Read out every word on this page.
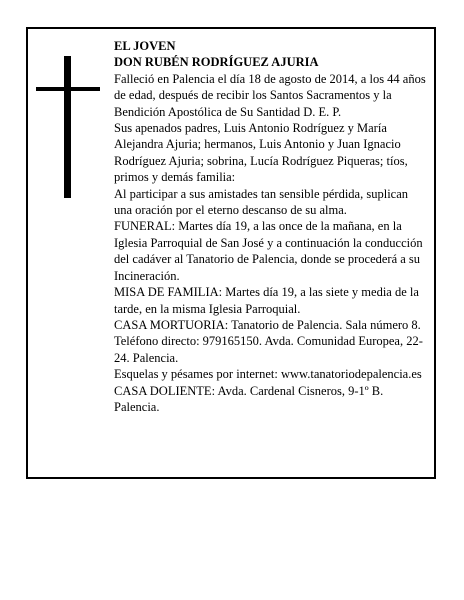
EL JOVEN

DON RUBÉN RODRÍGUEZ AJURIA

Falleció en Palencia el día 18 de agosto de 2014, a los 44 años de edad, después de recibir los Santos Sacramentos y la Bendición Apostólica de Su Santidad D. E. P.

Sus apenados padres, Luis Antonio Rodríguez y María Alejandra Ajuria; hermanos, Luis Antonio y Juan Ignacio Rodríguez Ajuria; sobrina, Lucía Rodríguez Piqueras; tíos, primos y demás familia:

Al participar a sus amistades tan sensible pérdida, suplican una oración por el eterno descanso de su alma.

FUNERAL: Martes día 19, a las once de la mañana, en la Iglesia Parroquial de San José y a continuación la conducción del cadáver al Tanatorio de Palencia, donde se procederá a su Incineración.

MISA DE FAMILIA: Martes día 19, a las siete y media de la tarde, en la misma Iglesia Parroquial.

CASA MORTUORIA: Tanatorio de Palencia. Sala número 8. Teléfono directo: 979165150. Avda. Comunidad Europea, 22-24. Palencia.

Esquelas y pésames por internet: www.tanatoriodepalencia.es

CASA DOLIENTE: Avda. Cardenal Cisneros, 9-1º B. Palencia.
